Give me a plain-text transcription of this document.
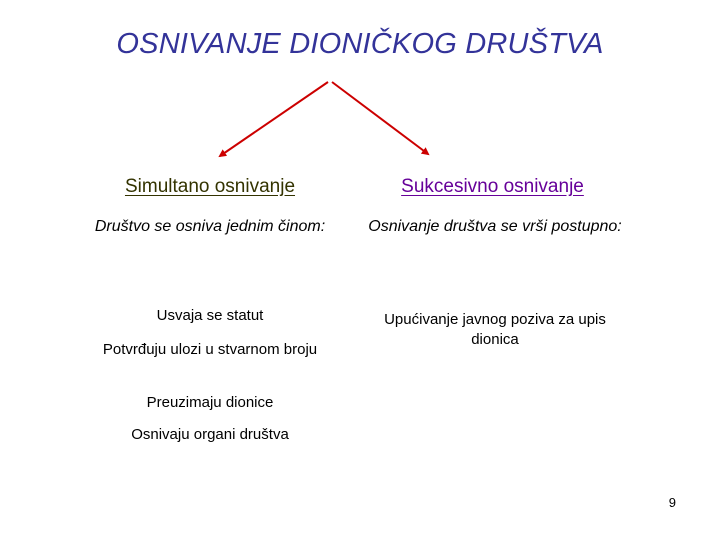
OSNIVANJE DIONIČKOG DRUŠTVA
Simultano osnivanje	Sukcesivno osnivanje
Društvo se osniva jednim činom:	Osnivanje društva se vrši postupno:
Usvaja se statut
Potvrđuju ulozi u stvarnom broju
Preuzimaju dionice
Osnivaju organi društva
Upućivanje javnog poziva za upis dionica
9
